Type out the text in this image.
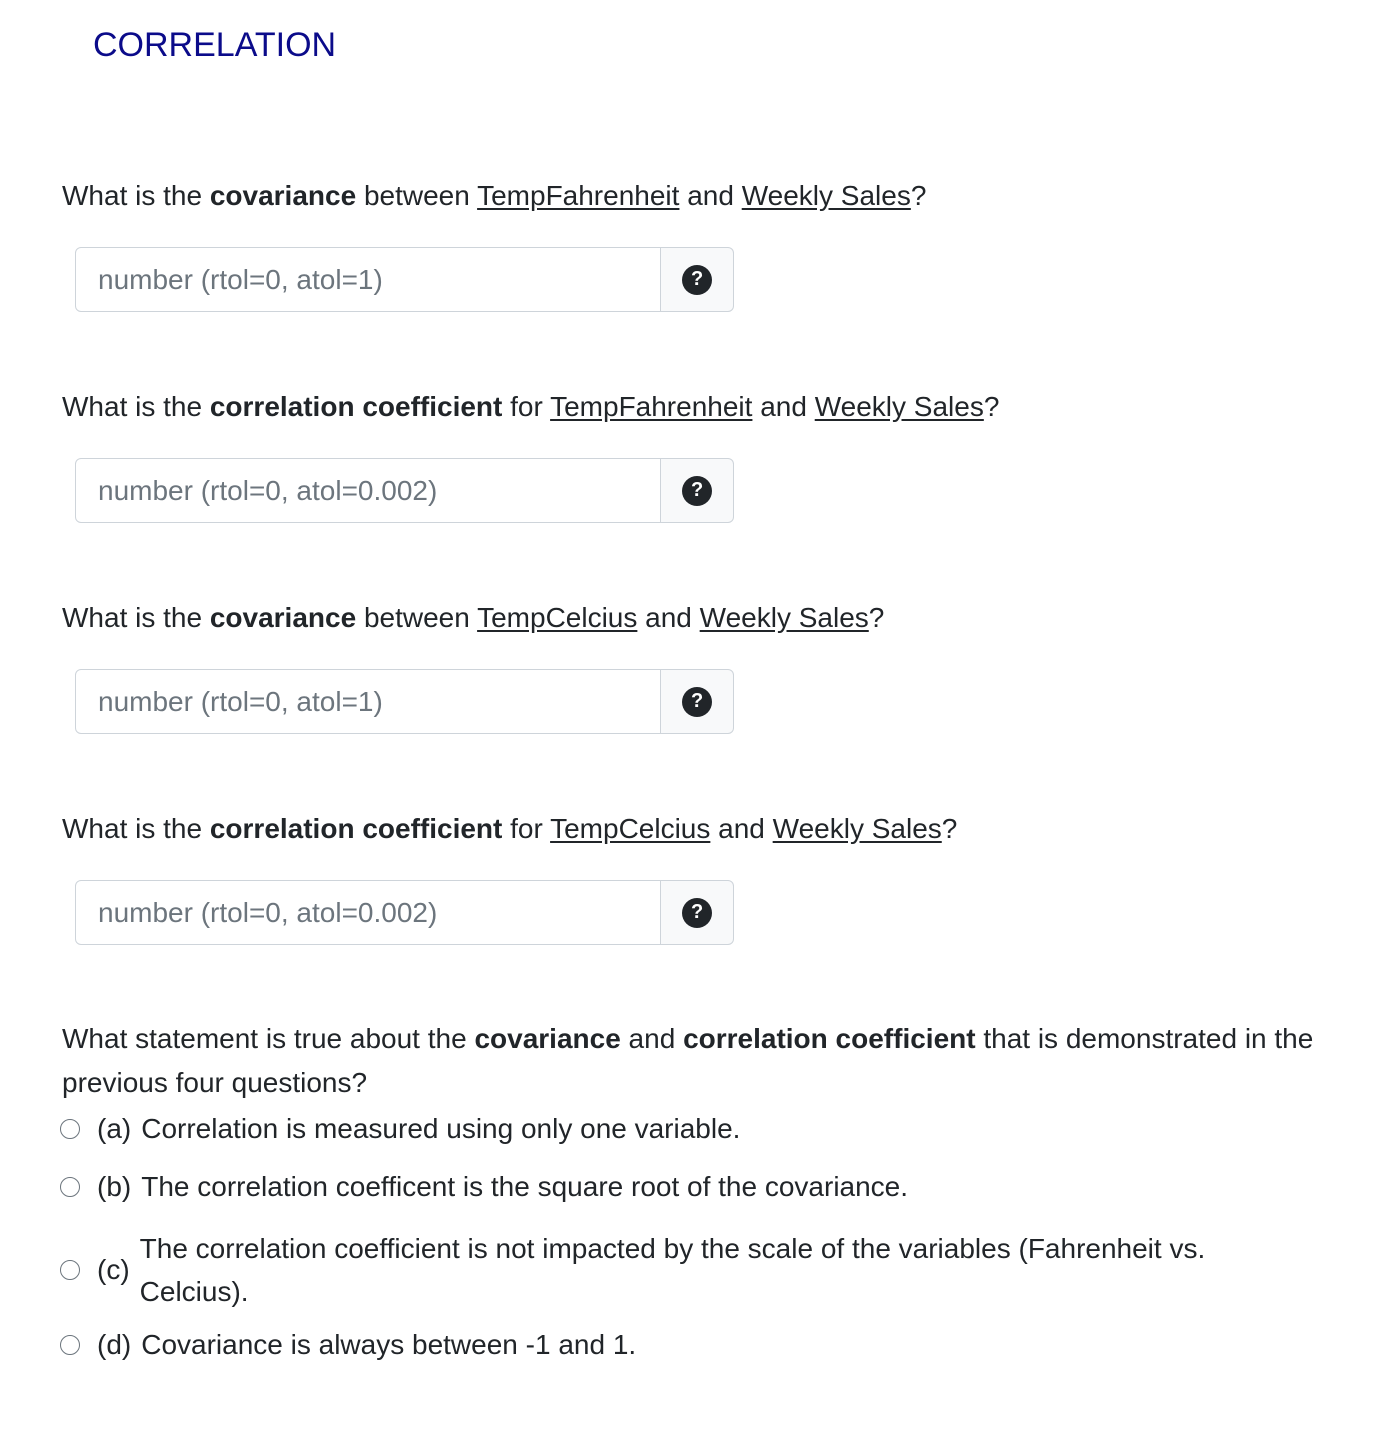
CORRELATION
What is the covariance between TempFahrenheit and Weekly Sales?
number (rtol=0, atol=1)
?
What is the correlation coefficient for TempFahrenheit and Weekly Sales?
number (rtol=0, atol=0.002)
?
What is the covariance between TempCelcius and Weekly Sales?
number (rtol=0, atol=1)
?
What is the correlation coefficient for TempCelcius and Weekly Sales?
number (rtol=0, atol=0.002)
?
What statement is true about the covariance and correlation coefficient that is demonstrated in the previous four questions?
(a) Correlation is measured using only one variable.
(b) The correlation coefficent is the square root of the covariance.
(c)
The correlation coefficient is not impacted by the scale of the variables (Fahrenheit vs. Celcius).
(d) Covariance is always between -1 and 1.
